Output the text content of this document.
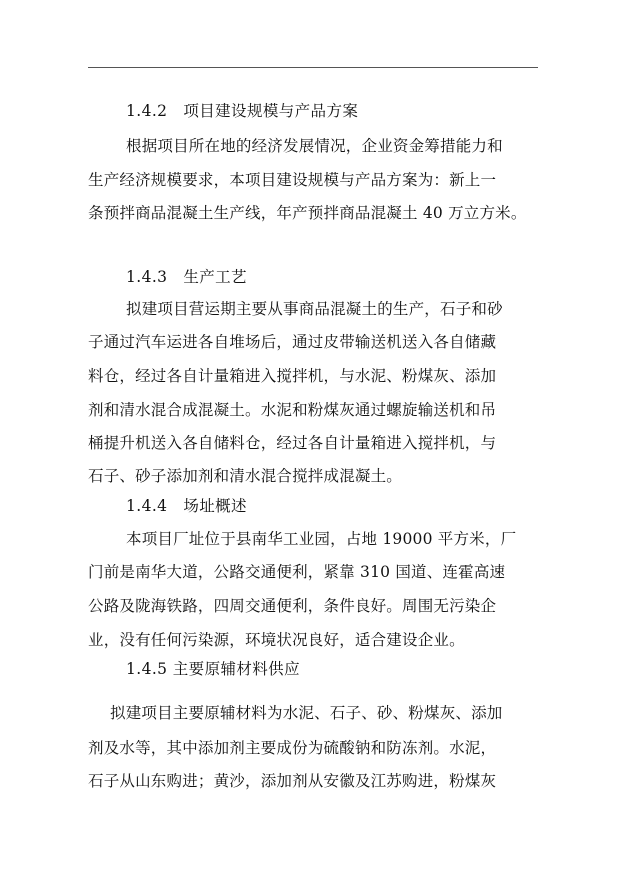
1.4.2　项目建设规模与产品方案
根据项目所在地的经济发展情况，企业资金筹措能力和
生产经济规模要求，本项目建设规模与产品方案为：新上一
条预拌商品混凝土生产线，年产预拌商品混凝土 40 万立方米。
1.4.3　生产工艺
拟建项目营运期主要从事商品混凝土的生产，石子和砂
子通过汽车运进各自堆场后，通过皮带输送机送入各自储藏
料仓，经过各自计量箱进入搅拌机，与水泥、粉煤灰、添加
剂和清水混合成混凝土。水泥和粉煤灰通过螺旋输送机和吊
桶提升机送入各自储料仓，经过各自计量箱进入搅拌机，与
石子、砂子添加剂和清水混合搅拌成混凝土。
1.4.4　场址概述
本项目厂址位于县南华工业园，占地 19000 平方米，厂
门前是南华大道，公路交通便利，紧靠 310 国道、连霍高速
公路及陇海铁路，四周交通便利，条件良好。周围无污染企
业，没有任何污染源，环境状况良好，适合建设企业。
1.4.5 主要原辅材料供应
拟建项目主要原辅材料为水泥、石子、砂、粉煤灰、添加
剂及水等，其中添加剂主要成份为硫酸钠和防冻剂。水泥，
石子从山东购进；黄沙，添加剂从安徽及江苏购进，粉煤灰
